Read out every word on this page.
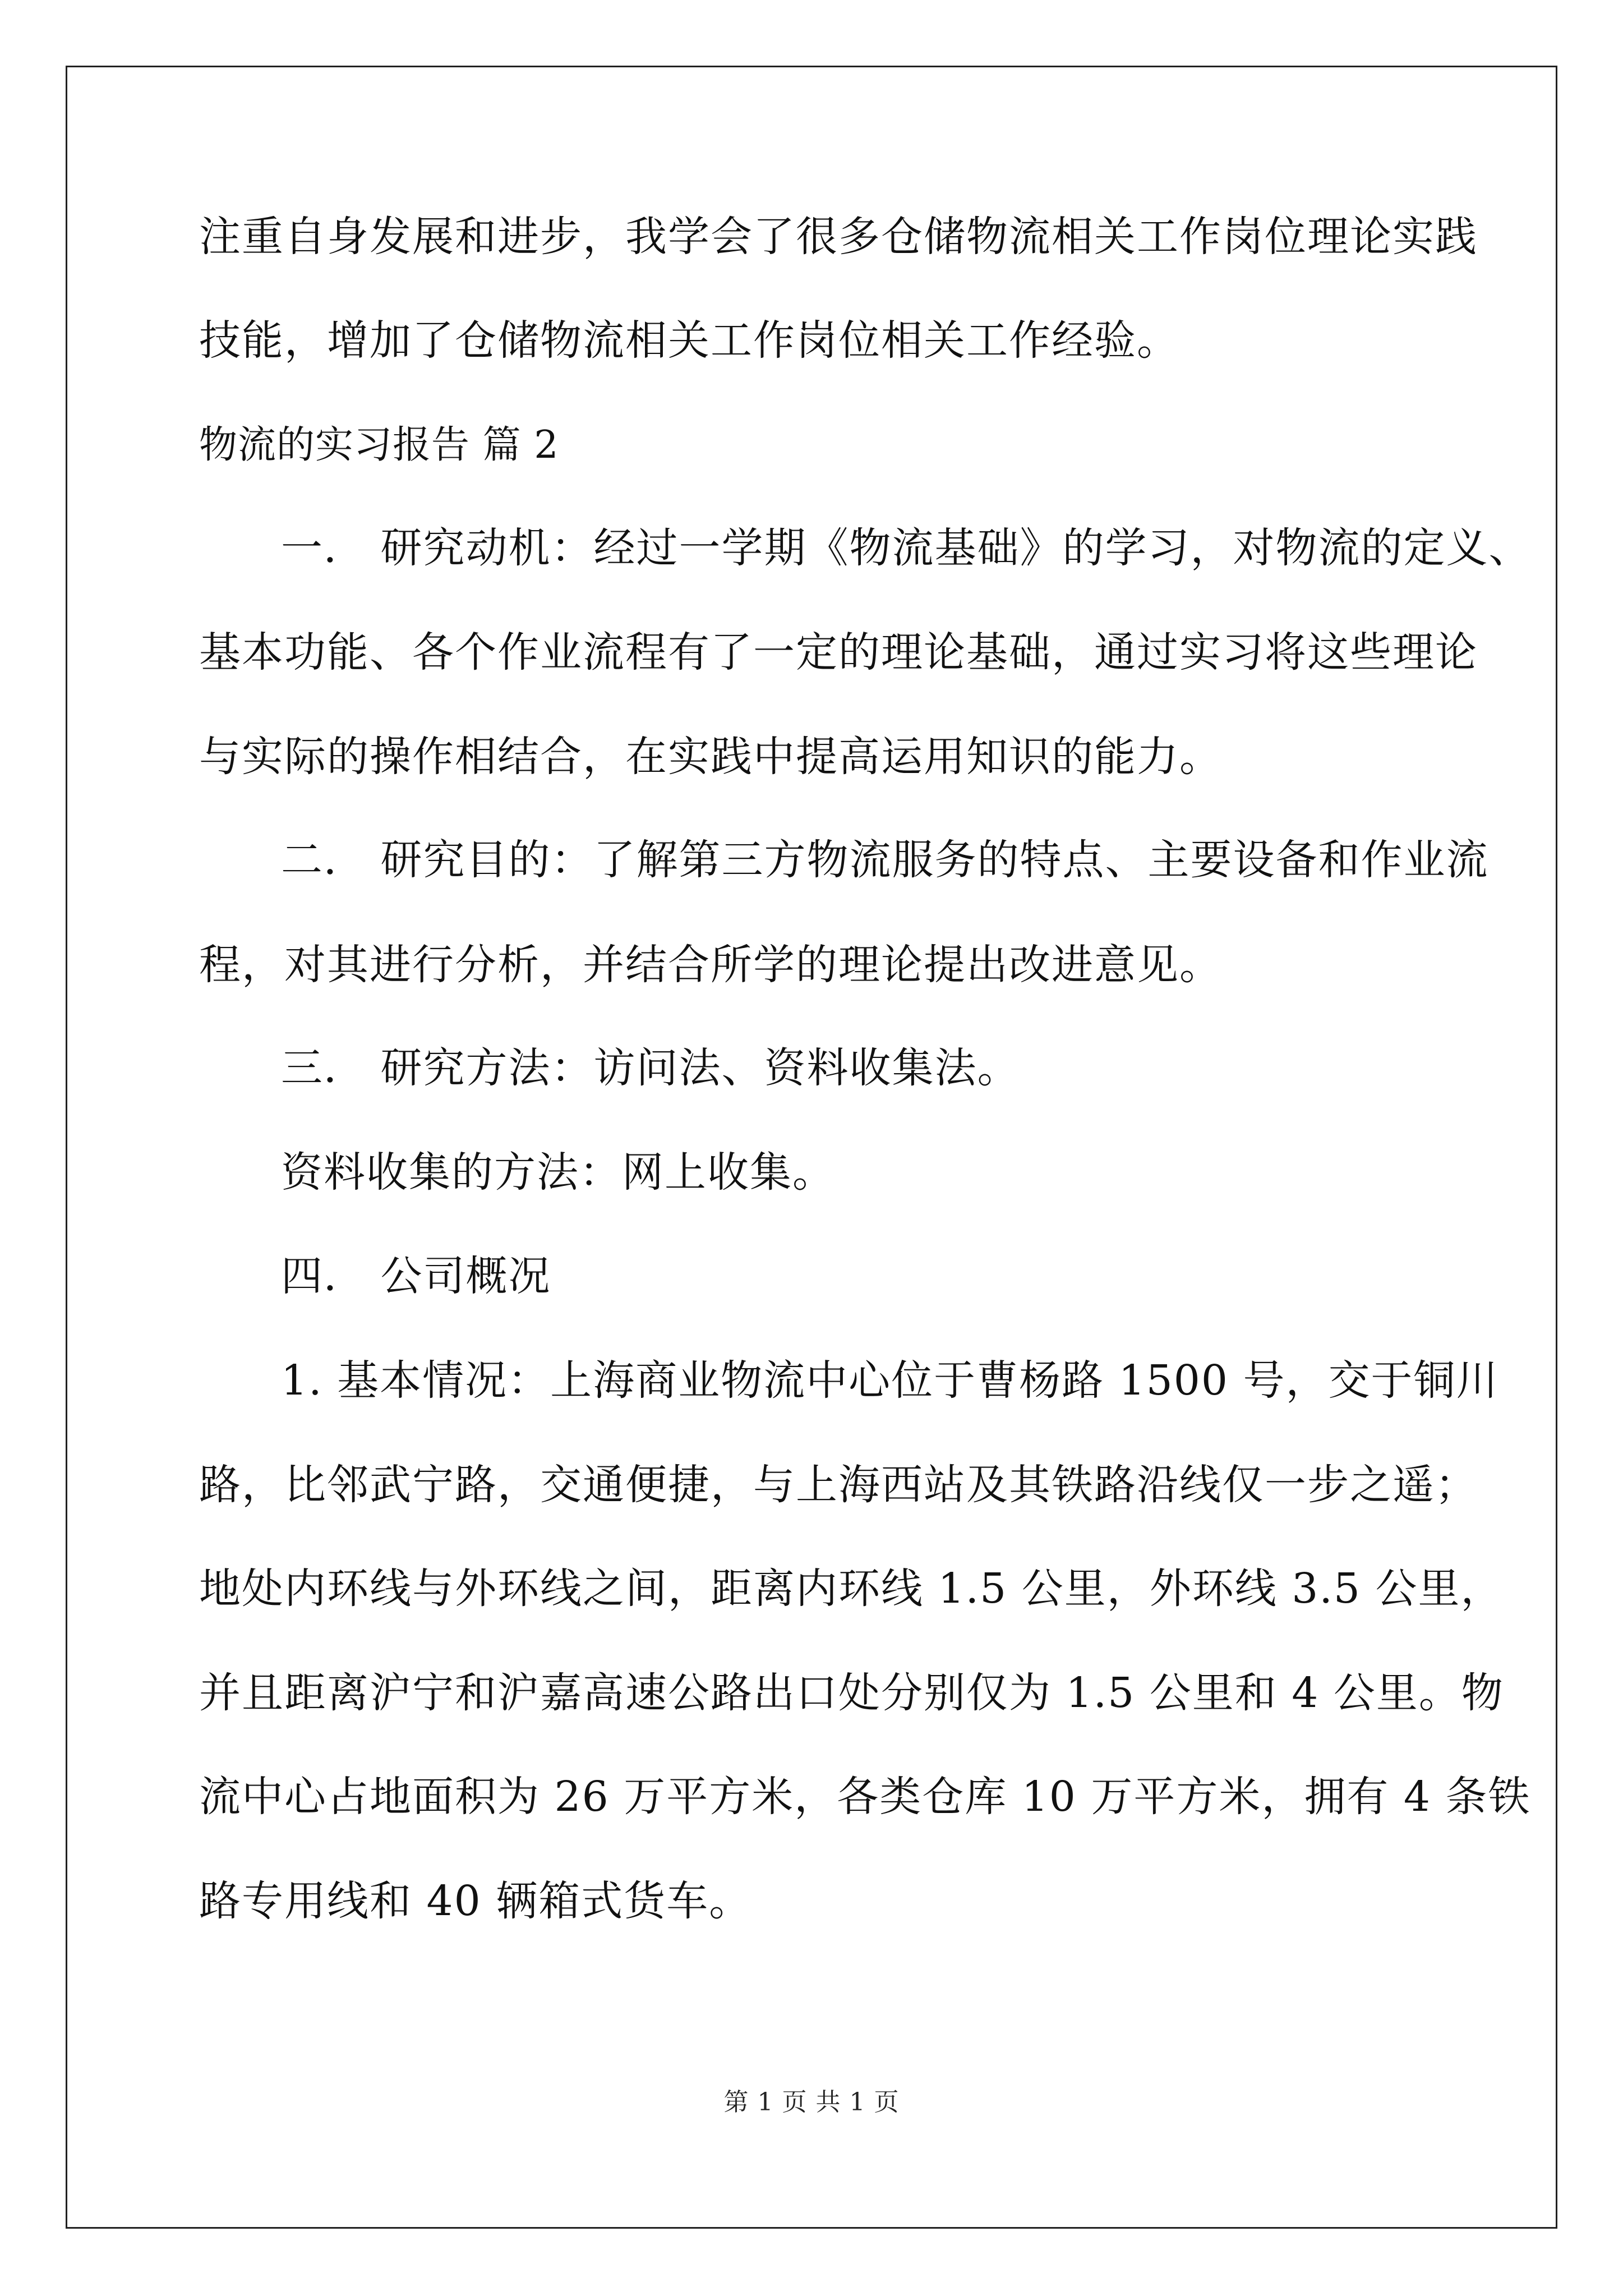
注重自身发展和进步，我学会了很多仓储物流相关工作岗位理论实践
技能，增加了仓储物流相关工作岗位相关工作经验。
物流的实习报告 篇 2
一． 研究动机：经过一学期《物流基础》的学习，对物流的定义、
基本功能、各个作业流程有了一定的理论基础，通过实习将这些理论
与实际的操作相结合，在实践中提高运用知识的能力。
二． 研究目的：了解第三方物流服务的特点、主要设备和作业流
程，对其进行分析，并结合所学的理论提出改进意见。
三． 研究方法：访问法、资料收集法。
资料收集的方法：网上收集。
四． 公司概况
1. 基本情况：上海商业物流中心位于曹杨路 1500 号，交于铜川
路，比邻武宁路，交通便捷，与上海西站及其铁路沿线仅一步之遥；
地处内环线与外环线之间，距离内环线 1.5 公里，外环线 3.5 公里，
并且距离沪宁和沪嘉高速公路出口处分别仅为 1.5 公里和 4 公里。物
流中心占地面积为 26 万平方米，各类仓库 10 万平方米，拥有 4 条铁
路专用线和 40 辆箱式货车。
第 1 页 共 1 页
